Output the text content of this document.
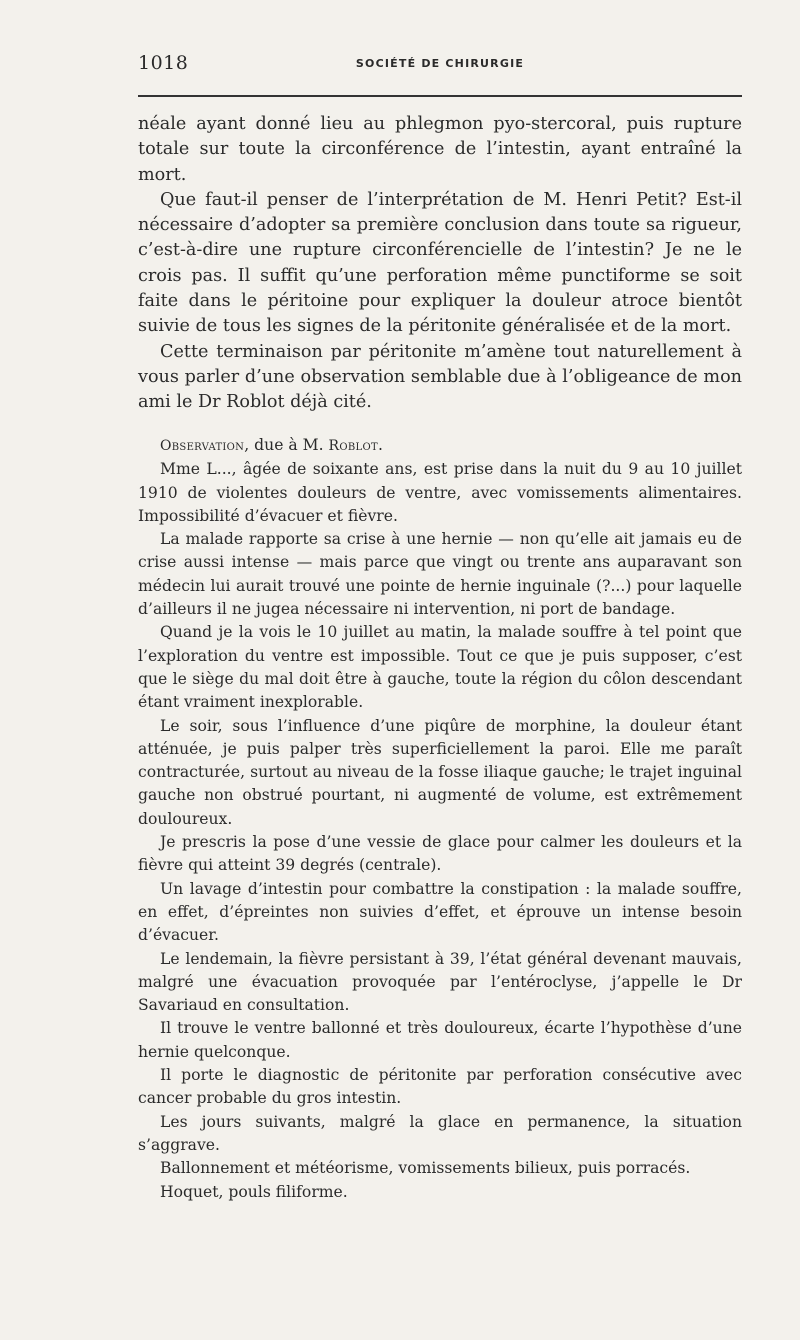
1018	SOCIÉTÉ DE CHIRURGIE

néale ayant donné lieu au phlegmon pyo-stercoral, puis rupture totale sur toute la circonférence de l’intestin, ayant entraîné la mort.

Que faut-il penser de l’interprétation de M. Henri Petit? Est-il nécessaire d’adopter sa première conclusion dans toute sa rigueur, c’est-à-dire une rupture circonférencielle de l’intestin? Je ne le crois pas. Il suffit qu’une perforation même punctiforme se soit faite dans le péritoine pour expliquer la douleur atroce bientôt suivie de tous les signes de la péritonite généralisée et de la mort.

Cette terminaison par péritonite m’amène tout naturellement à vous parler d’une observation semblable due à l’obligeance de mon ami le Dr Roblot déjà cité.

Observation, due à M. Roblot.

Mme L..., âgée de soixante ans, est prise dans la nuit du 9 au 10 juillet 1910 de violentes douleurs de ventre, avec vomissements alimentaires. Impossibilité d’évacuer et fièvre.

La malade rapporte sa crise à une hernie — non qu’elle ait jamais eu de crise aussi intense — mais parce que vingt ou trente ans auparavant son médecin lui aurait trouvé une pointe de hernie inguinale (?...) pour laquelle d’ailleurs il ne jugea nécessaire ni intervention, ni port de bandage.

Quand je la vois le 10 juillet au matin, la malade souffre à tel point que l’exploration du ventre est impossible. Tout ce que je puis supposer, c’est que le siège du mal doit être à gauche, toute la région du côlon descendant étant vraiment inexplorable.

Le soir, sous l’influence d’une piqûre de morphine, la douleur étant atténuée, je puis palper très superficiellement la paroi. Elle me paraît contracturée, surtout au niveau de la fosse iliaque gauche; le trajet inguinal gauche non obstrué pourtant, ni augmenté de volume, est extrêmement douloureux.

Je prescris la pose d’une vessie de glace pour calmer les douleurs et la fièvre qui atteint 39 degrés (centrale).

Un lavage d’intestin pour combattre la constipation : la malade souffre, en effet, d’épreintes non suivies d’effet, et éprouve un intense besoin d’évacuer.

Le lendemain, la fièvre persistant à 39, l’état général devenant mauvais, malgré une évacuation provoquée par l’entéroclyse, j’appelle le Dr Savariaud en consultation.

Il trouve le ventre ballonné et très douloureux, écarte l’hypothèse d’une hernie quelconque.

Il porte le diagnostic de péritonite par perforation consécutive avec cancer probable du gros intestin.

Les jours suivants, malgré la glace en permanence, la situation s’aggrave.

Ballonnement et météorisme, vomissements bilieux, puis porracés.

Hoquet, pouls filiforme.
